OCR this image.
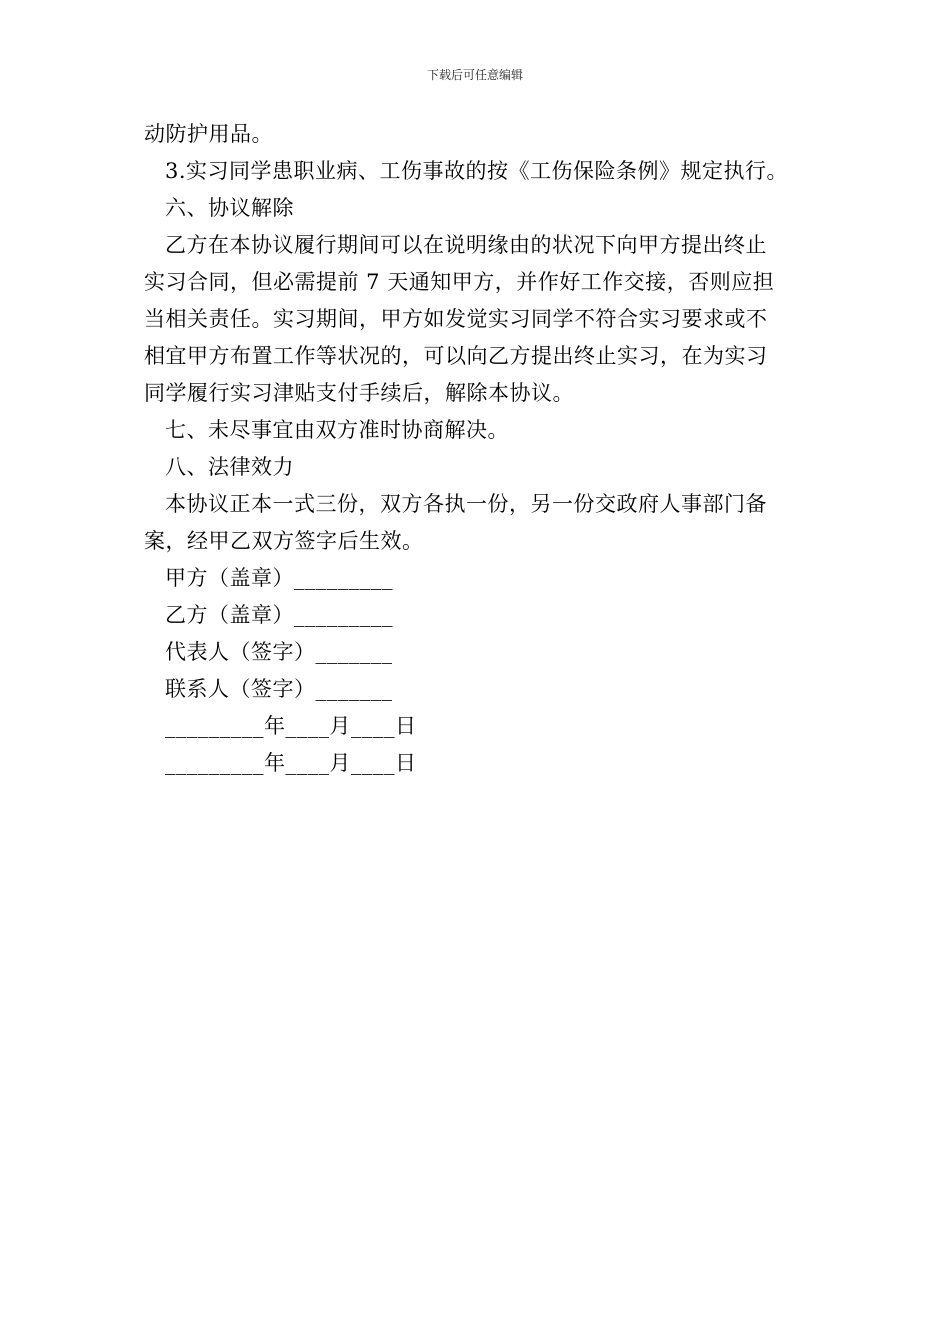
下载后可任意编辑
动防护用品。
3.实习同学患职业病、工伤事故的按《工伤保险条例》规定执行。
六、协议解除
乙方在本协议履行期间可以在说明缘由的状况下向甲方提出终止
实习合同，但必需提前 7 天通知甲方，并作好工作交接，否则应担
当相关责任。实习期间，甲方如发觉实习同学不符合实习要求或不
相宜甲方布置工作等状况的，可以向乙方提出终止实习，在为实习
同学履行实习津贴支付手续后，解除本协议。
七、未尽事宜由双方准时协商解决。
八、法律效力
本协议正本一式三份，双方各执一份，另一份交政府人事部门备
案，经甲乙双方签字后生效。
甲方（盖章）_________
乙方（盖章）_________
代表人（签字）_______
联系人（签字）_______
_________年____月____日
_________年____月____日
